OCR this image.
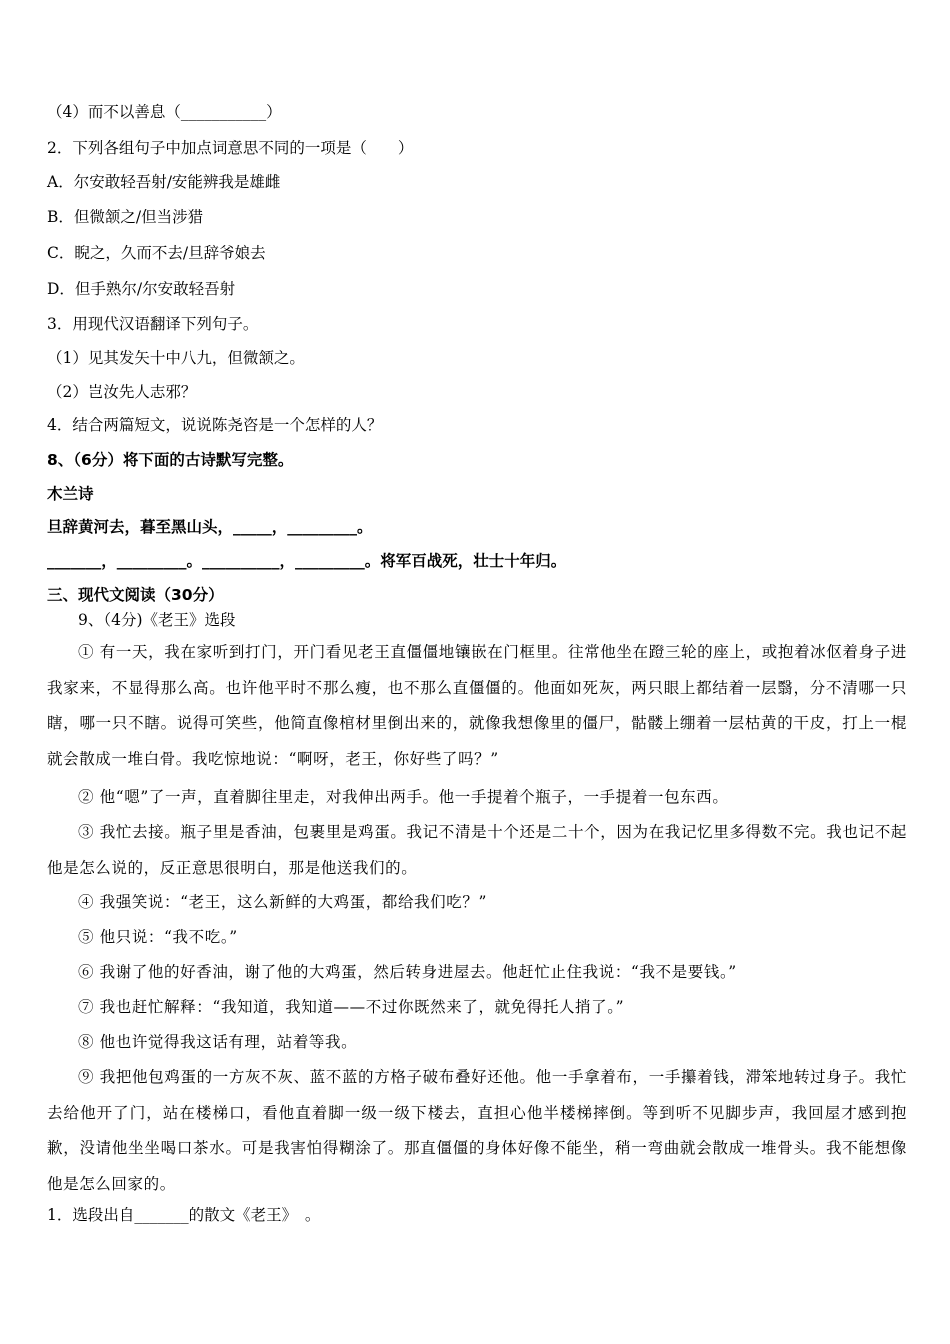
（4）而不以善息（___________）
2．下列各组句子中加点词意思不同的一项是（　　）
A．尔安敢轻吾射/安能辨我是雄雌
B．但微颔之/但当涉猎
C．睨之，久而不去/旦辞爷娘去
D．但手熟尔/尔安敢轻吾射
3．用现代汉语翻译下列句子。
（1）见其发矢十中八九，但微颔之。
（2）岂汝先人志邪？
4．结合两篇短文，说说陈尧咨是一个怎样的人？
8、（6分）将下面的古诗默写完整。
木兰诗
旦辞黄河去，暮至黑山头，_____，_________。
_______，_________。__________，_________。将军百战死，壮士十年归。
三、现代文阅读（30分）
9、（4分)《老王》选段

① 有一天，我在家听到打门，开门看见老王直僵僵地镶嵌在门框里。往常他坐在蹬三轮的座上，或抱着冰伛着身子进我家来，不显得那么高。也许他平时不那么瘦，也不那么直僵僵的。他面如死灰，两只眼上都结着一层翳，分不清哪一只瞎，哪一只不瞎。说得可笑些，他简直像棺材里倒出来的，就像我想像里的僵尸，骷髅上绷着一层枯黄的干皮，打上一棍就会散成一堆白骨。我吃惊地说：“啊呀，老王，你好些了吗？”

② 他“嗯”了一声，直着脚往里走，对我伸出两手。他一手提着个瓶子，一手提着一包东西。

③ 我忙去接。瓶子里是香油，包裹里是鸡蛋。我记不清是十个还是二十个，因为在我记忆里多得数不完。我也记不起他是怎么说的，反正意思很明白，那是他送我们的。

④ 我强笑说：“老王，这么新鲜的大鸡蛋，都给我们吃？”

⑤ 他只说：“我不吃。”

⑥ 我谢了他的好香油，谢了他的大鸡蛋，然后转身进屋去。他赶忙止住我说：“我不是要钱。”

⑦ 我也赶忙解释：“我知道，我知道——不过你既然来了，就免得托人捎了。”

⑧ 他也许觉得我这话有理，站着等我。

⑨ 我把他包鸡蛋的一方灰不灰、蓝不蓝的方格子破布叠好还他。他一手拿着布，一手攥着钱，滞笨地转过身子。我忙去给他开了门，站在楼梯口，看他直着脚一级一级下楼去，直担心他半楼梯摔倒。等到听不见脚步声，我回屋才感到抱歉，没请他坐坐喝口茶水。可是我害怕得糊涂了。那直僵僵的身体好像不能坐，稍一弯曲就会散成一堆骨头。我不能想像他是怎么回家的。

1．选段出自_______的散文《老王》　。
